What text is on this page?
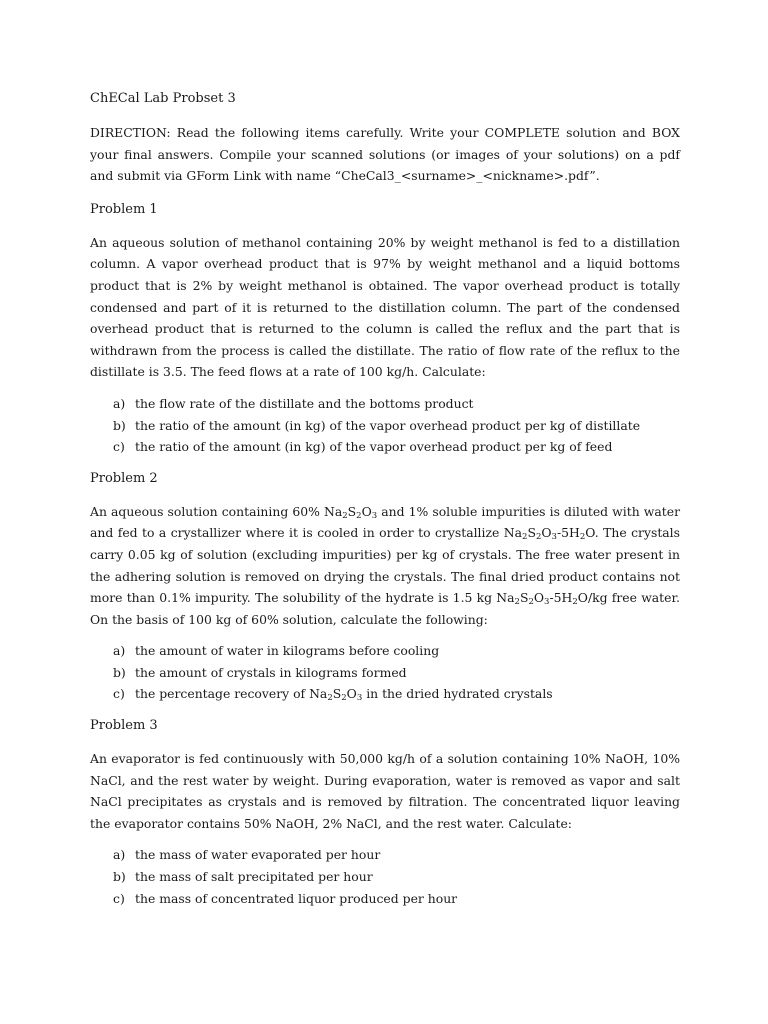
ChECal Lab Probset 3

DIRECTION: Read the following items carefully. Write your COMPLETE solution and BOX your final answers. Compile your scanned solutions (or images of your solutions) on a pdf and submit via GForm Link with name “CheCal3_<surname>_<nickname>.pdf”.

Problem 1

An aqueous solution of methanol containing 20% by weight methanol is fed to a distillation column. A vapor overhead product that is 97% by weight methanol and a liquid bottoms product that is 2% by weight methanol is obtained. The vapor overhead product is totally condensed and part of it is returned to the distillation column. The part of the condensed overhead product that is returned to the column is called the reflux and the part that is withdrawn from the process is called the distillate. The ratio of flow rate of the reflux to the distillate is 3.5. The feed flows at a rate of 100 kg/h. Calculate:

a) the flow rate of the distillate and the bottoms product
b) the ratio of the amount (in kg) of the vapor overhead product per kg of distillate
c) the ratio of the amount (in kg) of the vapor overhead product per kg of feed
Problem 2

An aqueous solution containing 60% $Na_2S_2O_3$ and 1% soluble impurities is diluted with water and fed to a crystallizer where it is cooled in order to crystallize $Na_2S_2O_3-5H_2O$. The crystals carry 0.05 kg of solution (excluding impurities) per kg of crystals. The free water present in the adhering solution is removed on drying the crystals. The final dried product contains not more than 0.1% impurity. The solubility of the hydrate is 1.5 kg $Na_2S_2O_3-5H_2O/kg$ free water. On the basis of 100 kg of 60% solution, calculate the following:

a) the amount of water in kilograms before cooling
b) the amount of crystals in kilograms formed
c) the percentage recovery of $Na_2S_2O_3$ in the dried hydrated crystals
Problem 3

An evaporator is fed continuously with 50,000 kg/h of a solution containing 10% NaOH, 10% NaCl, and the rest water by weight. During evaporation, water is removed as vapor and salt NaCl precipitates as crystals and is removed by filtration. The concentrated liquor leaving the evaporator contains 50% NaOH, 2% NaCl, and the rest water. Calculate:

a) the mass of water evaporated per hour
b) the mass of salt precipitated per hour
c) the mass of concentrated liquor produced per hour
